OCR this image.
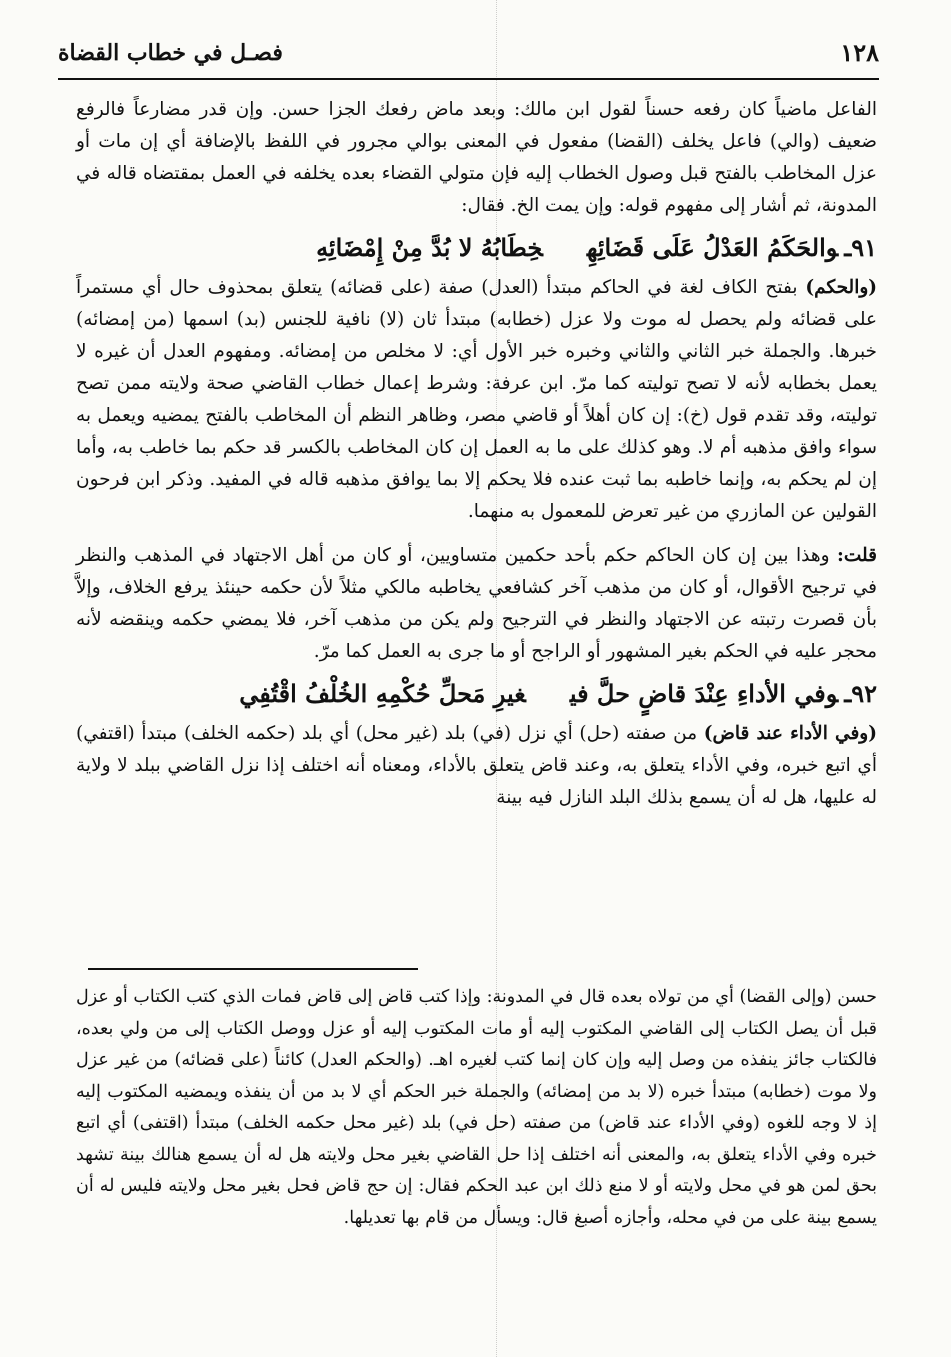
١٢٨
فصـل في خطاب القضاة

الفاعل ماضياً كان رفعه حسناً لقول ابن مالك: وبعد ماض رفعك الجزا حسن. وإن قدر مضارعاً فالرفع ضعيف (والي) فاعل يخلف (القضا) مفعول في المعنى بوالي مجرور في اللفظ بالإضافة أي إن مات أو عزل المخاطب بالفتح قبل وصول الخطاب إليه فإن متولي القضاء بعده يخلفه في العمل بمقتضاه قاله في المدونة، ثم أشار إلى مفهوم قوله: وإن يمت الخ. فقال:

٩١ـوالحَكَمُ العَدْلُ عَلَى قَضَائِهِخِطَابُهُ لا بُدَّ مِنْ إِمْضَائِهِ

(والحكم) بفتح الكاف لغة في الحاكم مبتدأ (العدل) صفة (على قضائه) يتعلق بمحذوف حال أي مستمراً على قضائه ولم يحصل له موت ولا عزل (خطابه) مبتدأ ثان (لا) نافية للجنس (بد) اسمها (من إمضائه) خبرها. والجملة خبر الثاني والثاني وخبره خبر الأول أي: لا مخلص من إمضائه. ومفهوم العدل أن غيره لا يعمل بخطابه لأنه لا تصح توليته كما مرّ. ابن عرفة: وشرط إعمال خطاب القاضي صحة ولايته ممن تصح توليته، وقد تقدم قول (خ): إن كان أهلاً أو قاضي مصر، وظاهر النظم أن المخاطب بالفتح يمضيه ويعمل به سواء وافق مذهبه أم لا. وهو كذلك على ما به العمل إن كان المخاطب بالكسر قد حكم بما خاطب به، وأما إن لم يحكم به، وإنما خاطبه بما ثبت عنده فلا يحكم إلا بما يوافق مذهبه قاله في المفيد. وذكر ابن فرحون القولين عن المازري من غير تعرض للمعمول به منهما.

قلت: وهذا بين إن كان الحاكم حكم بأحد حكمين متساويين، أو كان من أهل الاجتهاد في المذهب والنظر في ترجيح الأقوال، أو كان من مذهب آخر كشافعي يخاطبه مالكي مثلاً لأن حكمه حينئذ يرفع الخلاف، وإلاَّ بأن قصرت رتبته عن الاجتهاد والنظر في الترجيح ولم يكن من مذهب آخر، فلا يمضي حكمه وينقضه لأنه محجر عليه في الحكم بغير المشهور أو الراجح أو ما جرى به العمل كما مرّ.

٩٢ـوفي الأداءِ عِنْدَ قاضٍ حلَّ فيغيرِ مَحلِّ حُكْمِهِ الخُلْفُ اقْتُفِي

(وفي الأداء عند قاض) من صفته (حل) أي نزل (في) بلد (غير محل) أي بلد (حكمه الخلف) مبتدأ (اقتفي) أي اتبع خبره، وفي الأداء يتعلق به، وعند قاض يتعلق بالأداء، ومعناه أنه اختلف إذا نزل القاضي ببلد لا ولاية له عليها، هل له أن يسمع بذلك البلد النازل فيه بينة

حسن (وإلى القضا) أي من تولاه بعده قال في المدونة: وإذا كتب قاض إلى قاض فمات الذي كتب الكتاب أو عزل قبل أن يصل الكتاب إلى القاضي المكتوب إليه أو مات المكتوب إليه أو عزل ووصل الكتاب إلى من ولي بعده، فالكتاب جائز ينفذه من وصل إليه وإن كان إنما كتب لغيره اهـ. (والحكم العدل) كائناً (على قضائه) من غير عزل ولا موت (خطابه) مبتدأ خبره (لا بد من إمضائه) والجملة خبر الحكم أي لا بد من أن ينفذه ويمضيه المكتوب إليه إذ لا وجه للغوه (وفي الأداء عند قاض) من صفته (حل في) بلد (غير محل حكمه الخلف) مبتدأ (اقتفى) أي اتبع خبره وفي الأداء يتعلق به، والمعنى أنه اختلف إذا حل القاضي بغير محل ولايته هل له أن يسمع هنالك بينة تشهد بحق لمن هو في محل ولايته أو لا منع ذلك ابن عبد الحكم فقال: إن حج قاض فحل بغير محل ولايته فليس له أن يسمع بينة على من في محله، وأجازه أصبغ قال: ويسأل من قام بها تعديلها.
